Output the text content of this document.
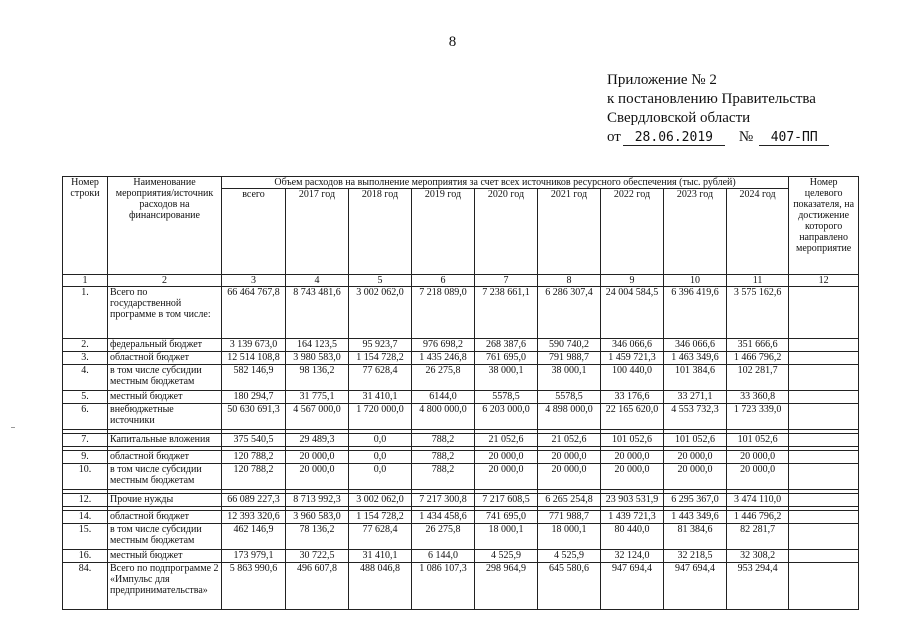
8
Приложение № 2
к постановлению Правительства
Свердловской области
от 28.06.2019 № 407-ПП
Номер строки	Наименование мероприятия/источник расходов на финансирование	Объем расходов на выполнение мероприятия за счет всех источников ресурсного обеспечения (тыс. рублей)									Номер целевого показателя, на достижение которого направлено мероприятие
		всего	2017 год	2018 год	2019 год	2020 год	2021 год	2022 год	2023 год	2024 год	
1	2	3	4	5	6	7	8	9	10	11	12
1.	Всего по государственной программе в том числе:	66 464 767,8	8 743 481,6	3 002 062,0	7 218 089,0	7 238 661,1	6 286 307,4	24 004 584,5	6 396 419,6	3 575 162,6	
2.	федеральный бюджет	3 139 673,0	164 123,5	95 923,7	976 698,2	268 387,6	590 740,2	346 066,6	346 066,6	351 666,6	
3.	областной бюджет	12 514 108,8	3 980 583,0	1 154 728,2	1 435 246,8	761 695,0	791 988,7	1 459 721,3	1 463 349,6	1 466 796,2	
4.	в том числе субсидии местным бюджетам	582 146,9	98 136,2	77 628,4	26 275,8	38 000,1	38 000,1	100 440,0	101 384,6	102 281,7	
5.	местный бюджет	180 294,7	31 775,1	31 410,1	6144,0	5578,5	5578,5	33 176,6	33 271,1	33 360,8	
6.	внебюджетные источники	50 630 691,3	4 567 000,0	1 720 000,0	4 800 000,0	6 203 000,0	4 898 000,0	22 165 620,0	4 553 732,3	1 723 339,0	

7.	Капитальные вложения	375 540,5	29 489,3	0,0	788,2	21 052,6	21 052,6	101 052,6	101 052,6	101 052,6	

9.	областной бюджет	120 788,2	20 000,0	0,0	788,2	20 000,0	20 000,0	20 000,0	20 000,0	20 000,0	
10.	в том числе субсидии местным бюджетам	120 788,2	20 000,0	0,0	788,2	20 000,0	20 000,0	20 000,0	20 000,0	20 000,0	

12.	Прочие нужды	66 089 227,3	8 713 992,3	3 002 062,0	7 217 300,8	7 217 608,5	6 265 254,8	23 903 531,9	6 295 367,0	3 474 110,0	

14.	областной бюджет	12 393 320,6	3 960 583,0	1 154 728,2	1 434 458,6	741 695,0	771 988,7	1 439 721,3	1 443 349,6	1 446 796,2	
15.	в том числе субсидии местным бюджетам	462 146,9	78 136,2	77 628,4	26 275,8	18 000,1	18 000,1	80 440,0	81 384,6	82 281,7	
16.	местный бюджет	173 979,1	30 722,5	31 410,1	6 144,0	4 525,9	4 525,9	32 124,0	32 218,5	32 308,2	
84.	Всего по подпрограмме 2 «Импульс для предпринимательства»	5 863 990,6	496 607,8	488 046,8	1 086 107,3	298 964,9	645 580,6	947 694,4	947 694,4	953 294,4	
